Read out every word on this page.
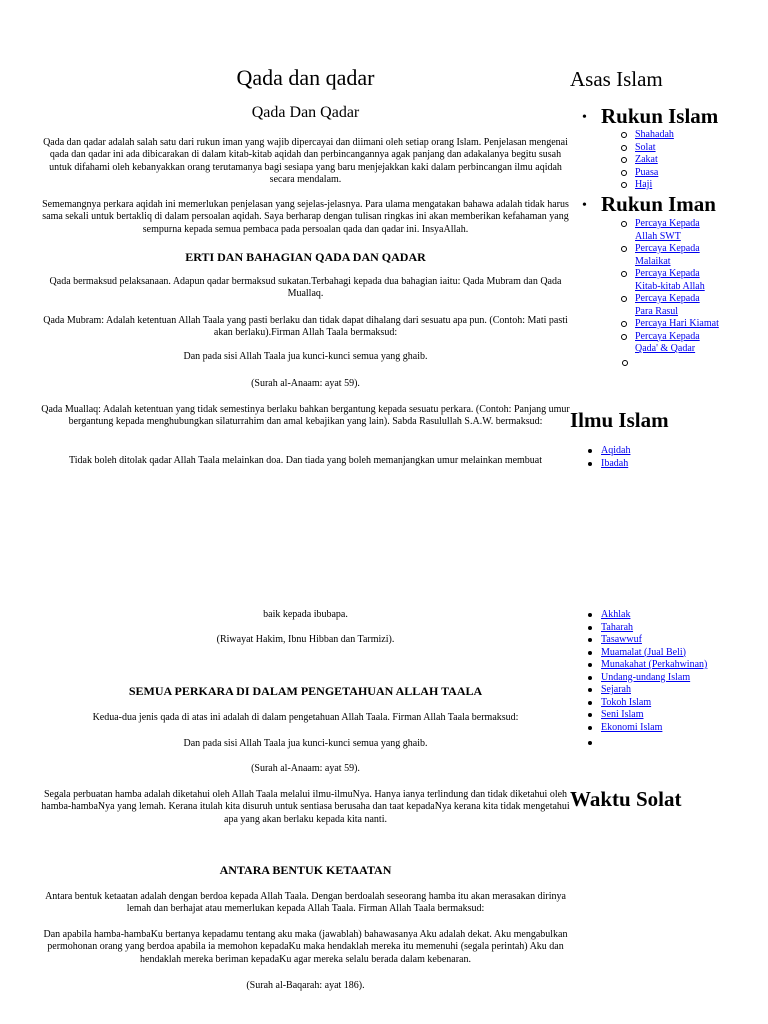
Qada dan qadar
Qada Dan Qadar
Qada dan qadar adalah salah satu dari rukun iman yang wajib dipercayai dan diimani oleh setiap orang Islam. Penjelasan mengenai qada dan qadar ini ada dibicarakan di dalam kitab-kitab aqidah dan perbincangannya agak panjang dan adakalanya begitu susah untuk difahami oleh kebanyakkan orang terutamanya bagi sesiapa yang baru menjejakkan kaki dalam perbincangan ilmu aqidah secara mendalam.
Sememangnya perkara aqidah ini memerlukan penjelasan yang sejelas-jelasnya. Para ulama mengatakan bahawa adalah tidak harus sama sekali untuk bertakliq di dalam persoalan aqidah. Saya berharap dengan tulisan ringkas ini akan memberikan kefahaman yang sempurna kepada semua pembaca pada persoalan qada dan qadar ini. InsyaAllah.
ERTI DAN BAHAGIAN QADA DAN QADAR
Qada bermaksud pelaksanaan. Adapun qadar bermaksud sukatan.Terbahagi kepada dua bahagian iaitu: Qada Mubram dan Qada Muallaq.
Qada Mubram: Adalah ketentuan Allah Taala yang pasti berlaku dan tidak dapat dihalang dari sesuatu apa pun. (Contoh: Mati pasti akan berlaku).Firman Allah Taala bermaksud:
Dan pada sisi Allah Taala jua kunci-kunci semua yang ghaib.
(Surah al-Anaam: ayat 59).
Qada Muallaq: Adalah ketentuan yang tidak semestinya berlaku bahkan bergantung kepada sesuatu perkara. (Contoh: Panjang umur bergantung kepada menghubungkan silaturrahim dan amal kebajikan yang lain). Sabda Rasulullah S.A.W. bermaksud:
Tidak boleh ditolak qadar Allah Taala melainkan doa. Dan tiada yang boleh memanjangkan umur melainkan membuat
baik kepada ibubapa.
(Riwayat Hakim, Ibnu Hibban dan Tarmizi).
SEMUA PERKARA DI DALAM PENGETAHUAN ALLAH TAALA
Kedua-dua jenis qada di atas ini adalah di dalam pengetahuan Allah Taala. Firman Allah Taala bermaksud:
Dan pada sisi Allah Taala jua kunci-kunci semua yang ghaib.
(Surah al-Anaam: ayat 59).
Segala perbuatan hamba adalah diketahui oleh Allah Taala melalui ilmu-ilmuNya. Hanya ianya terlindung dan tidak diketahui oleh hamba-hambaNya yang lemah. Kerana itulah kita disuruh untuk sentiasa berusaha dan taat kepadaNya kerana kita tidak mengetahui apa yang akan berlaku kepada kita nanti.
ANTARA BENTUK KETAATAN
Antara bentuk ketaatan adalah dengan berdoa kepada Allah Taala. Dengan berdoalah seseorang hamba itu akan merasakan dirinya lemah dan berhajat atau memerlukan kepada Allah Taala. Firman Allah Taala bermaksud:
Dan apabila hamba-hambaKu bertanya kepadamu tentang aku maka (jawablah) bahawasanya Aku adalah dekat. Aku mengabulkan permohonan orang yang berdoa apabila ia memohon kepadaKu maka hendaklah mereka itu memenuhi (segala perintah) Aku dan hendaklah mereka beriman kepadaKu agar mereka selalu berada dalam kebenaran.
(Surah al-Baqarah: ayat 186).
Asas Islam
• Rukun Islam
Shahadah
Solat
Zakat
Puasa
Haji
• Rukun Iman
Percaya Kepada Allah SWT
Percaya Kepada Malaikat
Percaya Kepada Kitab-kitab Allah
Percaya Kepada Para Rasul
Percaya Hari Kiamat
Percaya Kepada Qada' & Qadar
Ilmu Islam
Aqidah
Ibadah
Akhlak
Taharah
Tasawwuf
Muamalat (Jual Beli)
Munakahat (Perkahwinan)
Undang-undang Islam
Sejarah
Tokoh Islam
Seni Islam
Ekonomi Islam
Waktu Solat
